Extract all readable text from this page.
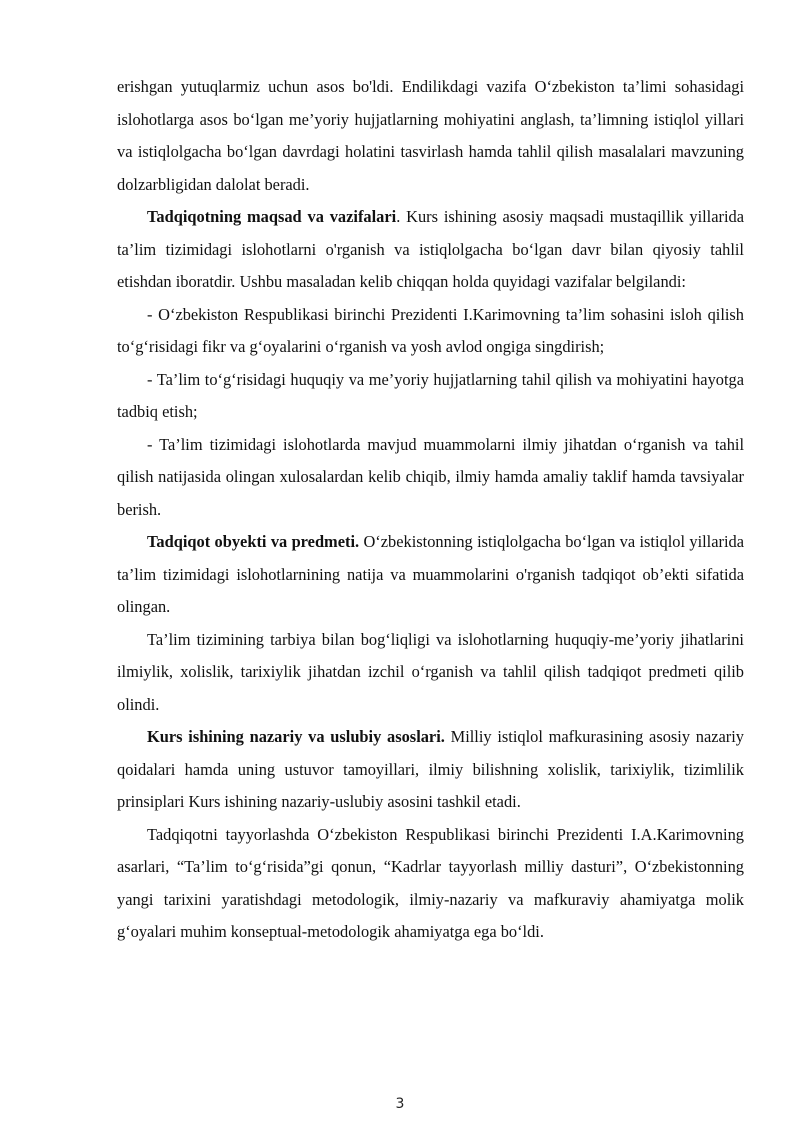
erishgan yutuqlarmiz uchun asos bo'ldi. Endilikdagi vazifa O‘zbekiston ta’limi sohasidagi islohotlarga asos bo‘lgan me’yoriy hujjatlarning mohiyatini anglash, ta’limning istiqlol yillari va istiqlolgacha bo‘lgan davrdagi holatini tasvirlash hamda tahlil qilish masalalari mavzuning dolzarbligidan dalolat beradi.

Tadqiqotning maqsad va vazifalari. Kurs ishining asosiy maqsadi mustaqillik yillarida ta’lim tizimidagi islohotlarni o'rganish va istiqlolgacha bo‘lgan davr bilan qiyosiy tahlil etishdan iboratdir. Ushbu masaladan kelib chiqqan holda quyidagi vazifalar belgilandi:

- O‘zbekiston Respublikasi birinchi Prezidenti I.Karimovning ta’lim sohasini isloh qilish to‘g‘risidagi fikr va g‘oyalarini o‘rganish va yosh avlod ongiga singdirish;

- Ta’lim to‘g‘risidagi huquqiy va me’yoriy hujjatlarning tahil qilish va mohiyatini hayotga tadbiq etish;

- Ta’lim tizimidagi islohotlarda mavjud muammolarni ilmiy jihatdan o‘rganish va tahil qilish natijasida olingan xulosalardan kelib chiqib, ilmiy hamda amaliy taklif hamda tavsiyalar berish.

Tadqiqot obyekti va predmeti. O‘zbekistonning istiqlolgacha bo‘lgan va istiqlol yillarida ta’lim tizimidagi islohotlarnining natija va muammolarini o'rganish tadqiqot ob’ekti sifatida olingan.

Ta’lim tizimining tarbiya bilan bog‘liqligi va islohotlarning huquqiy-me’yoriy jihatlarini ilmiylik, xolislik, tarixiylik jihatdan izchil o‘rganish va tahlil qilish tadqiqot predmeti qilib olindi.

Kurs ishining nazariy va uslubiy asoslari. Milliy istiqlol mafkurasining asosiy nazariy qoidalari hamda uning ustuvor tamoyillari, ilmiy bilishning xolislik, tarixiylik, tizimlilik prinsiplari Kurs ishining nazariy-uslubiy asosini tashkil etadi.

Tadqiqotni tayyorlashda O‘zbekiston Respublikasi birinchi Prezidenti I.A.Karimovning asarlari, “Ta’lim to‘g‘risida”gi qonun, “Kadrlar tayyorlash milliy dasturi”, O‘zbekistonning yangi tarixini yaratishdagi metodologik, ilmiy-nazariy va mafkuraviy ahamiyatga molik g‘oyalari muhim konseptual-metodologik ahamiyatga ega bo‘ldi.

3
